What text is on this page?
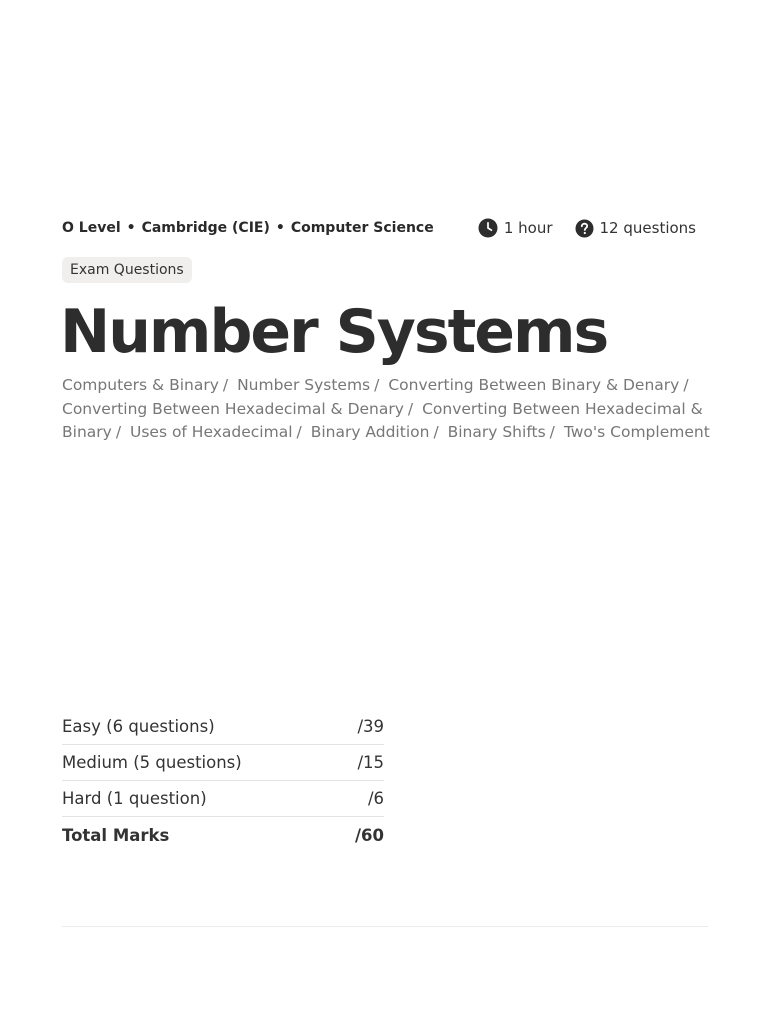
O Level • Cambridge (CIE) • Computer Science	1 hour	12 questions
Exam Questions
Number Systems
Computers & Binary / Number Systems / Converting Between Binary & Denary / Converting Between Hexadecimal & Denary / Converting Between Hexadecimal & Binary / Uses of Hexadecimal / Binary Addition / Binary Shifts / Two's Complement
Easy (6 questions)	/39
Medium (5 questions)	/15
Hard (1 question)	/6
Total Marks	/60
